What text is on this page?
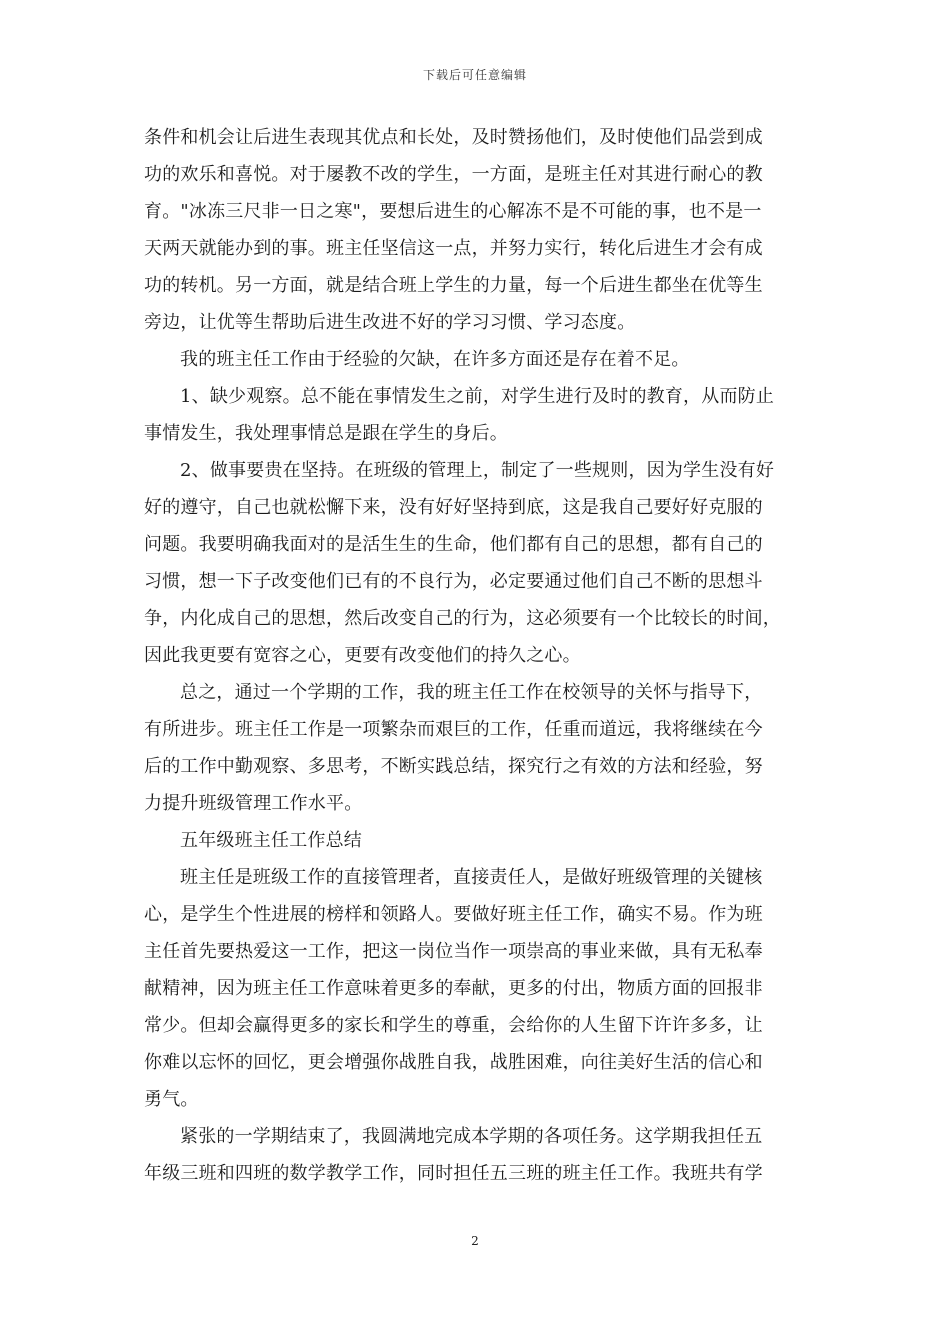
下载后可任意编辑
条件和机会让后进生表现其优点和长处，及时赞扬他们，及时使他们品尝到成
功的欢乐和喜悦。对于屡教不改的学生，一方面，是班主任对其进行耐心的教
育。"冰冻三尺非一日之寒"，要想后进生的心解冻不是不可能的事，也不是一
天两天就能办到的事。班主任坚信这一点，并努力实行，转化后进生才会有成
功的转机。另一方面，就是结合班上学生的力量，每一个后进生都坐在优等生
旁边，让优等生帮助后进生改进不好的学习习惯、学习态度。
我的班主任工作由于经验的欠缺，在许多方面还是存在着不足。
1、缺少观察。总不能在事情发生之前，对学生进行及时的教育，从而防止
事情发生，我处理事情总是跟在学生的身后。
2、做事要贵在坚持。在班级的管理上，制定了一些规则，因为学生没有好
好的遵守，自己也就松懈下来，没有好好坚持到底，这是我自己要好好克服的
问题。我要明确我面对的是活生生的生命，他们都有自己的思想，都有自己的
习惯，想一下子改变他们已有的不良行为，必定要通过他们自己不断的思想斗
争，内化成自己的思想，然后改变自己的行为，这必须要有一个比较长的时间，
因此我更要有宽容之心，更要有改变他们的持久之心。
总之，通过一个学期的工作，我的班主任工作在校领导的关怀与指导下，
有所进步。班主任工作是一项繁杂而艰巨的工作，任重而道远，我将继续在今
后的工作中勤观察、多思考，不断实践总结，探究行之有效的方法和经验，努
力提升班级管理工作水平。
五年级班主任工作总结
班主任是班级工作的直接管理者，直接责任人，是做好班级管理的关键核
心，是学生个性进展的榜样和领路人。要做好班主任工作，确实不易。作为班
主任首先要热爱这一工作，把这一岗位当作一项崇高的事业来做，具有无私奉
献精神，因为班主任工作意味着更多的奉献，更多的付出，物质方面的回报非
常少。但却会赢得更多的家长和学生的尊重，会给你的人生留下许许多多，让
你难以忘怀的回忆，更会增强你战胜自我，战胜困难，向往美好生活的信心和
勇气。
紧张的一学期结束了，我圆满地完成本学期的各项任务。这学期我担任五
年级三班和四班的数学教学工作，同时担任五三班的班主任工作。我班共有学
2
